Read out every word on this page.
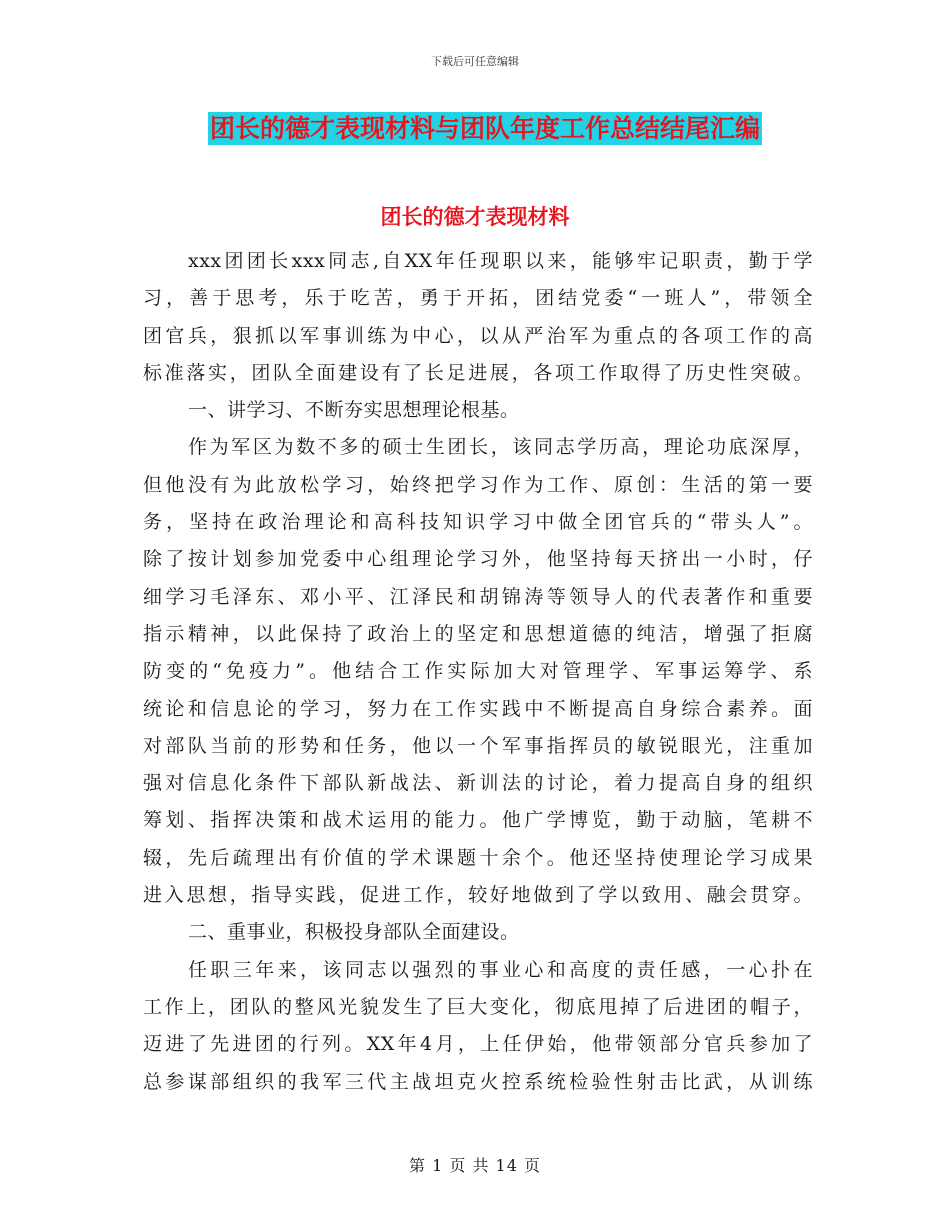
下载后可任意编辑
团长的德才表现材料与团队年度工作总结结尾汇编
团长的德才表现材料
xxx团团长xxx同志,自XX年任现职以来，能够牢记职责，勤于学
习，善于思考，乐于吃苦，勇于开拓，团结党委“一班人”，带领全
团官兵，狠抓以军事训练为中心，以从严治军为重点的各项工作的高
标准落实，团队全面建设有了长足进展，各项工作取得了历史性突破。
一、讲学习、不断夯实思想理论根基。
作为军区为数不多的硕士生团长，该同志学历高，理论功底深厚，
但他没有为此放松学习，始终把学习作为工作、原创：生活的第一要
务，坚持在政治理论和高科技知识学习中做全团官兵的“带头人”。
除了按计划参加党委中心组理论学习外，他坚持每天挤出一小时，仔
细学习毛泽东、邓小平、江泽民和胡锦涛等领导人的代表著作和重要
指示精神，以此保持了政治上的坚定和思想道德的纯洁，增强了拒腐
防变的“免疫力”。他结合工作实际加大对管理学、军事运筹学、系
统论和信息论的学习，努力在工作实践中不断提高自身综合素养。面
对部队当前的形势和任务，他以一个军事指挥员的敏锐眼光，注重加
强对信息化条件下部队新战法、新训法的讨论，着力提高自身的组织
筹划、指挥决策和战术运用的能力。他广学博览，勤于动脑，笔耕不
辍，先后疏理出有价值的学术课题十余个。他还坚持使理论学习成果
进入思想，指导实践，促进工作，较好地做到了学以致用、融会贯穿。
二、重事业，积极投身部队全面建设。
任职三年来，该同志以强烈的事业心和高度的责任感，一心扑在
工作上，团队的整风光貌发生了巨大变化，彻底甩掉了后进团的帽子，
迈进了先进团的行列。XX年4月，上任伊始，他带领部分官兵参加了
总参谋部组织的我军三代主战坦克火控系统检验性射击比武，从训练
第 1 页 共 14 页
